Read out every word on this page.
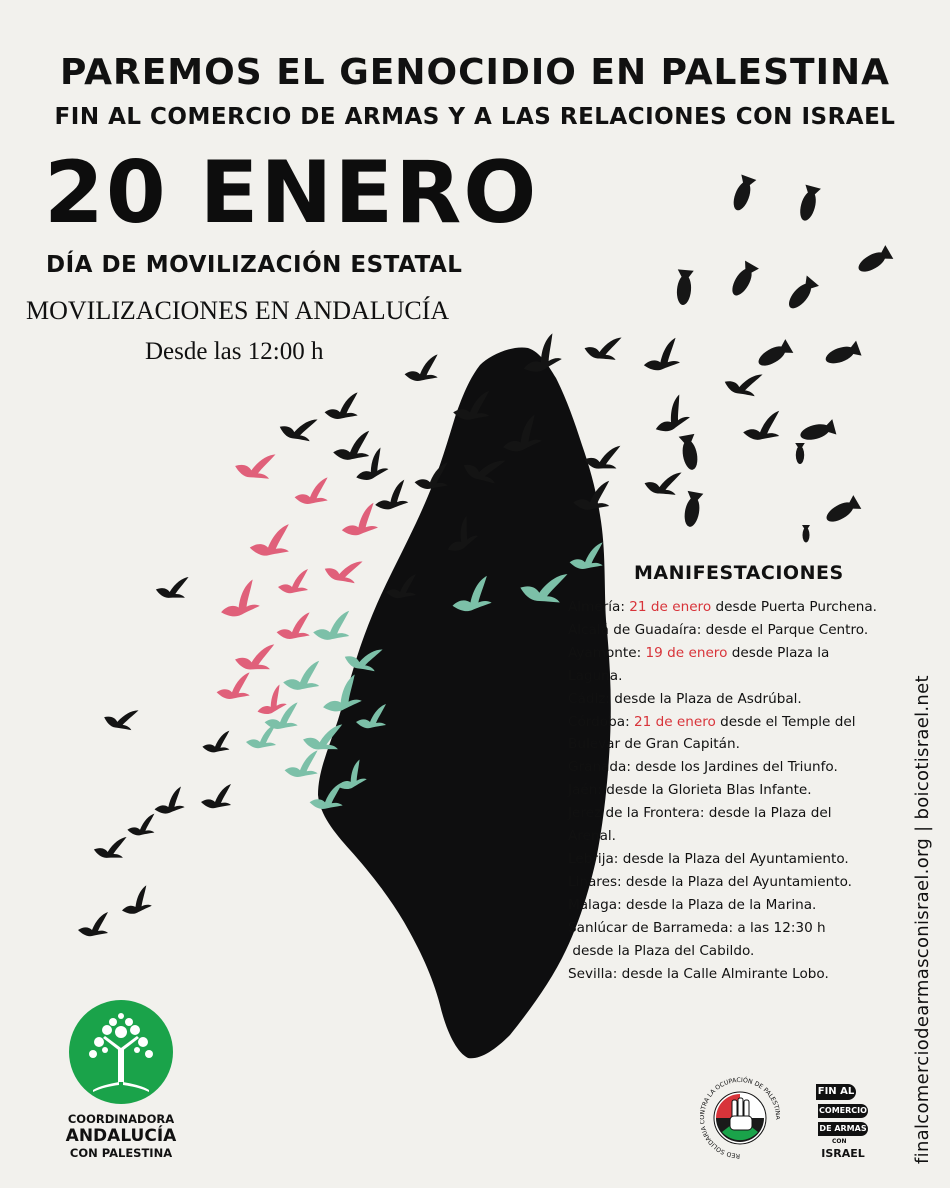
PAREMOS EL GENOCIDIO EN PALESTINA
FIN AL COMERCIO DE ARMAS Y A LAS RELACIONES CON ISRAEL
20 ENERO
DÍA DE MOVILIZACIÓN ESTATAL
MOVILIZACIONES EN ANDALUCÍA
Desde las 12:00 h
MANIFESTACIONES
Almería: 21 de enero desde Puerta Purchena.
Alcalá de Guadaíra: desde el Parque Centro.
Ayamonte: 19 de enero desde Plaza la
Laguna.
Cádiz: desde la Plaza de Asdrúbal.
Córdoba: 21 de enero desde el Temple del
Bulevar de Gran Capitán.
Granada: desde los Jardines del Triunfo.
Jaén: desde la Glorieta Blas Infante.
Jerez de la Frontera: desde la Plaza del
Arenal.
Lebrija: desde la Plaza del Ayuntamiento.
Linares: desde la Plaza del Ayuntamiento.
Málaga: desde la Plaza de la Marina.
Sanlúcar de Barrameda: a las 12:30 h
desde la Plaza del Cabildo.
Sevilla: desde la Calle Almirante Lobo.	finalcomerciodearmasconisrael.org | boicotisrael.net
COORDINADORA
ANDALUCÍA
CON PALESTINA	RED SOLIDARIA TRA LA OCUPACIÓN DE PALESTI
FIN AL
COMERCIO
DE ARMAS
CON
ISRAEL
